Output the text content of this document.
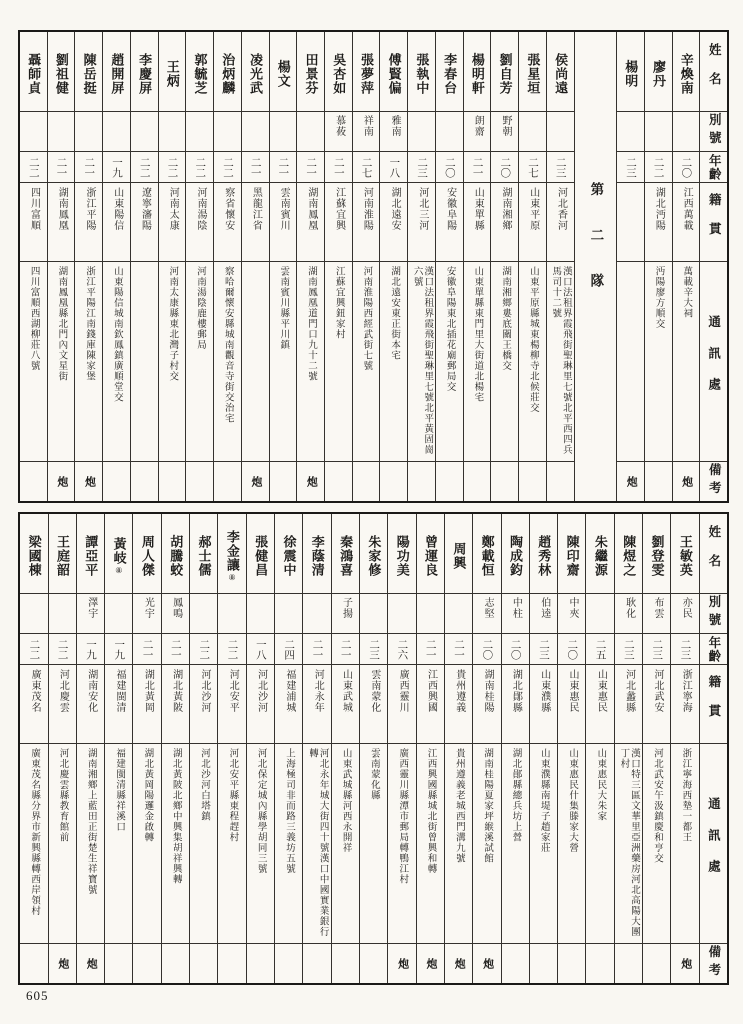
姓名
別號
年齡
籍貫
通訊處
備考
辛煥南
二〇
江西萬載
萬載辛大祠
炮
廖丹
二二
湖北沔陽
沔陽廖方順交
楊明
二三
炮
第二隊
侯尚遠
二三
河北香河
漢口法租界霞飛街聖琳里七號北平西四兵馬司十二號
張星垣
二七
山東平原
山東平原縣城東楊柳寺北候莊交
劉自芳
野朝
二〇
湖南湘鄉
湖南湘鄉婁底關王橋交
楊明軒
朗齋
二一
山東單縣
山東單縣東門里大街道北楊宅
李春台
二〇
安徽阜陽
安徽阜陽東北插花廟郵局交
張執中
二三
河北三河
漢口法租界霞飛街聖琳里七號北平黃固崗六號
傅賢偏
雅南
一八
湖北遠安
湖北遠安東正街本宅
張夢萍
祥南
二七
河南淮陽
河南淮陽西經武街七號
吳杏如
慕莜
二一
江蘇宜興
江蘇宜興鈕家村
田景芬
二一
湖南鳳凰
湖南鳳凰道門口九十二號
炮
楊文
二一
雲南賓川
雲南賓川縣平川鎮
凌光武
二一
黑龍江省
炮
治炳麟
二二
察省懷安
察哈爾懷安縣城南觀音寺街交治宅
郭毓芝
二二
河南湯陰
河南湯陰鹿樓郵局
王炳
二二
河南太康
河南太康縣東北灣子村交
李慶屏
二二
遼寧瀋陽
趙開屏
一九
山東陽信
山東陽信城南欽鳳鎮廣順堂交
陳岳挺
二一
浙江平陽
浙江平陽江南錢庫陳家堡
炮
劉祖健
二一
湖南鳳凰
湖南鳳凰縣北門內文星街
炮
聶師貞
二二
四川富順
四川富順西湖柳莊八號
姓名
別號
年齡
籍貫
通訊處
備考
王敏英
亦民
二三
浙江寧海
浙江寧海西墊一都王
炮
劉登雯
布雲
二三
河北武安
河北武安午汲鎮慶和亨交
陳煜之
耿化
二三
河北蠡縣
漢口特三區文華里亞洲藥房河北高陽大團丁村
朱繼源
二五
山東惠民
山東惠民大朱家
陳印齋
中夾
二〇
山東惠民
山東惠民什集滕家大營
趙秀林
伯逵
二三
山東濮縣
山東濮縣南堤子趙家莊
陶成鈞
中柱
二〇
湖北鄖縣
湖北鄖縣總兵坊上營
鄭載恒
志堅
二〇
湖南桂陽
湖南桂陽夏家坪緱溪試館
炮
周興
二一
貴州遵義
貴州遵義老城西門溝九號
炮
曾運良
二一
江西興國
江西興國縣城北街曾興和轉
炮
陽功美
二六
廣西靈川
廣西靈川縣潭市郵局轉鴨江村
炮
朱家修
二三
雲南蒙化
雲南蒙化縣
秦鴻喜
子揚
二一
山東武城
山東武城縣河西永開祥
李蔭清
二一
河北永年
河北永年城大街四十號漢口中國實業銀行轉
徐震中
二四
福建浦城
上海極司非而路三義坊五號
張健昌
一八
河北沙河
河北保定城內縣學胡同三號
李金讓
⑧
二二
河北安平
河北安平縣東程趕村
郝士儒
二二
河北沙河
河北沙河白塔鎮
胡騰蛟
鳳鳴
二一
湖北黃陂
湖北黃陂北鄉中興集胡祥興轉
周人傑
光宇
二一
湖北黃岡
湖北黃岡陽邏金啟轉
黃岐
⑧
一九
福建閩清
福建閩清縣祥溪口
譚亞平
澤宇
一九
湖南安化
湖南湘鄉上藍田正街楚生祥寶號
炮
王庭韶
二二
河北慶雲
河北慶雲縣教育館前
炮
梁國棟
二二
廣東茂名
廣東茂名縣分界市新興縣轉西岸領村
605
